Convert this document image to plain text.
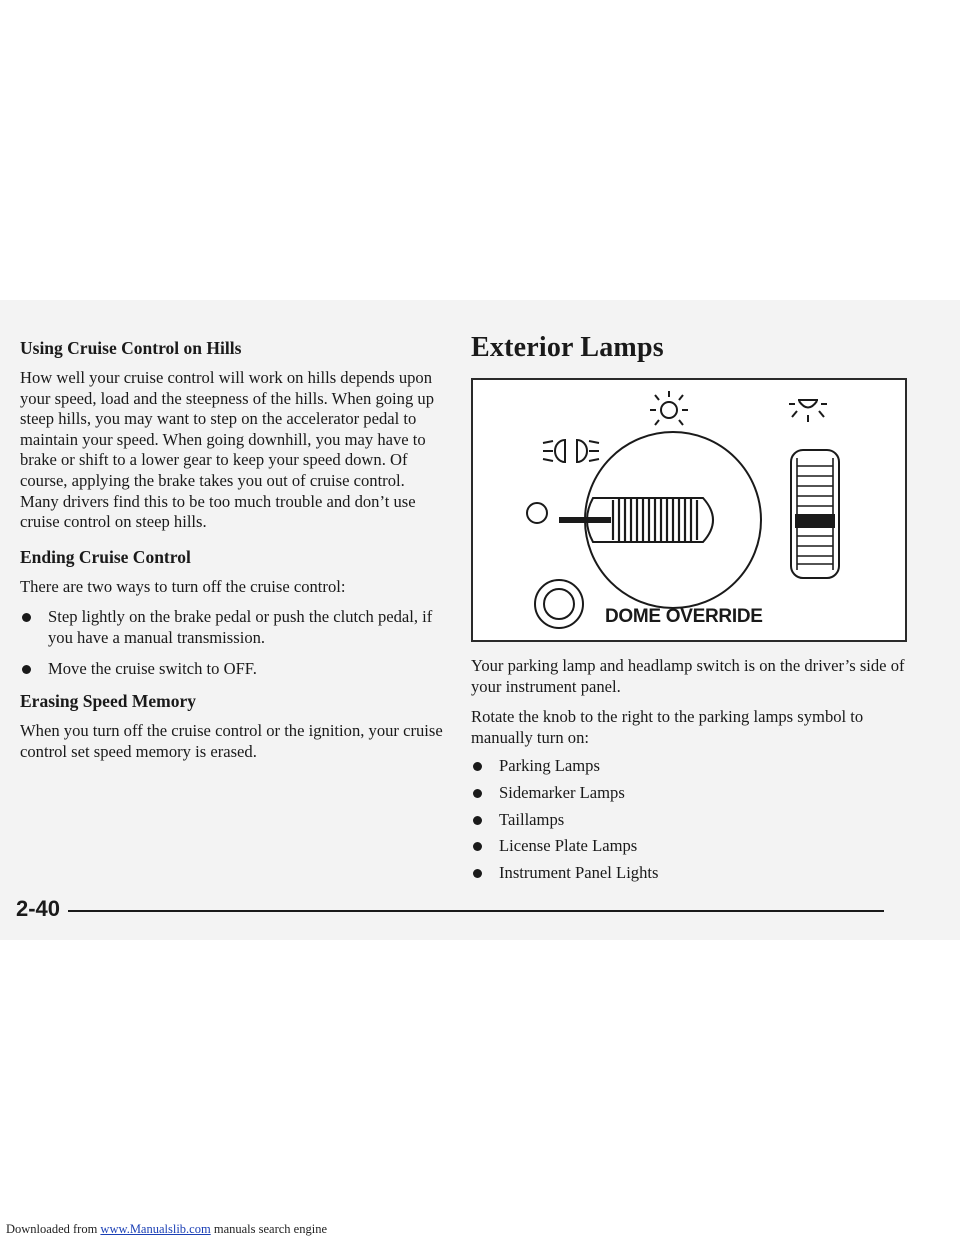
Using Cruise Control on Hills

How well your cruise control will work on hills depends upon your speed, load and the steepness of the hills. When going up steep hills, you may want to step on the accelerator pedal to maintain your speed. When going downhill, you may have to brake or shift to a lower gear to keep your speed down. Of course, applying the brake takes you out of cruise control. Many drivers find this to be too much trouble and don’t use cruise control on steep hills.

Ending Cruise Control

There are two ways to turn off the cruise control:

Step lightly on the brake pedal or push the clutch pedal, if you have a manual transmission.
Move the cruise switch to OFF.
Erasing Speed Memory

When you turn off the cruise control or the ignition, your cruise control set speed memory is erased.

Exterior Lamps
DOME OVERRIDE

Your parking lamp and headlamp switch is on the driver’s side of your instrument panel.

Rotate the knob to the right to the parking lamps symbol to manually turn on:

Parking Lamps
Sidemarker Lamps
Taillamps
License Plate Lamps
Instrument Panel Lights
2-40
Downloaded from www.Manualslib.com manuals search engine
